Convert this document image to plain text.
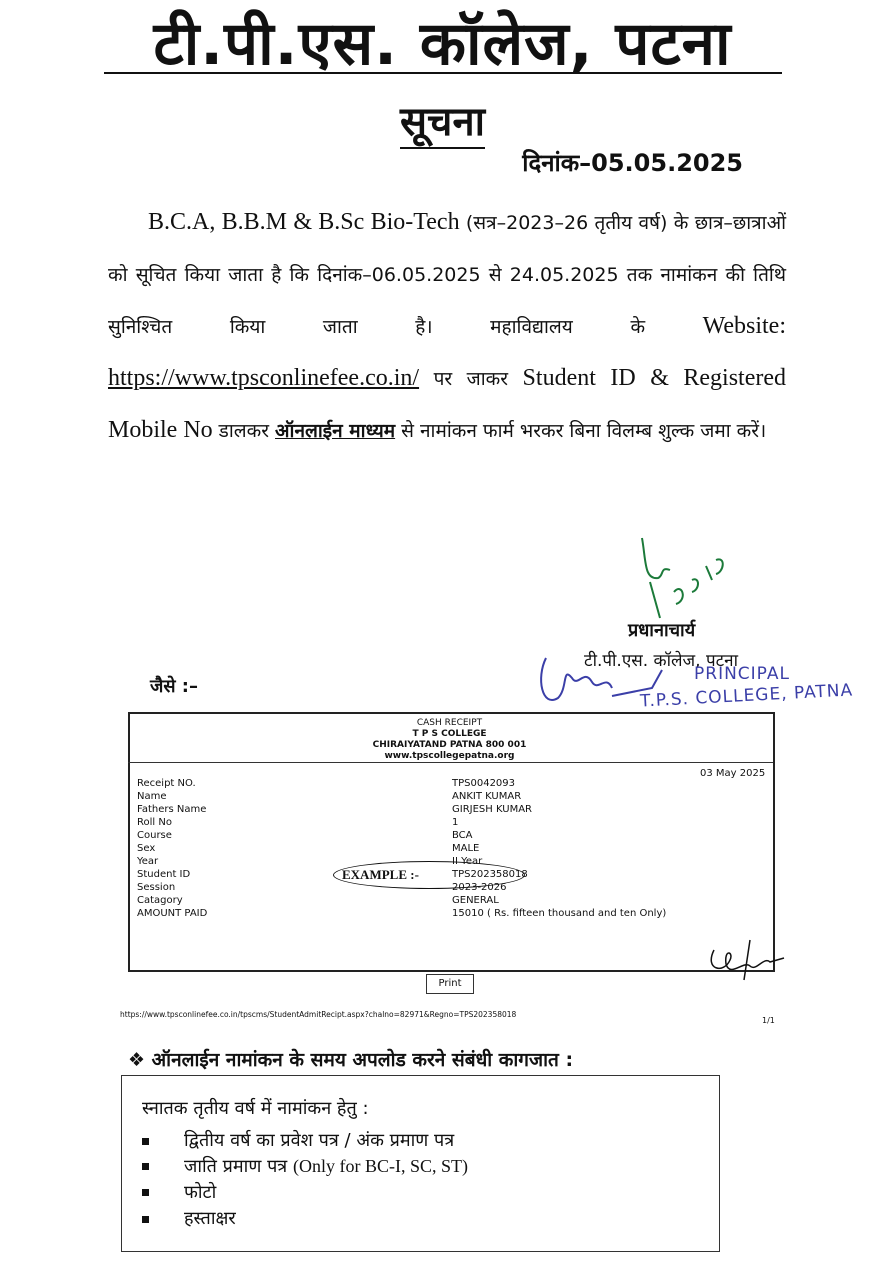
टी.पी.एस. कॉलेज, पटना
सूचना
दिनांक–05.05.2025
B.C.A, B.B.M & B.Sc Bio-Tech (सत्र–2023–26 तृतीय वर्ष) के छात्र–छात्राओं को सूचित किया जाता है कि दिनांक–06.05.2025 से 24.05.2025 तक नामांकन की तिथि सुनिश्चित किया जाता है। महाविद्यालय के Website: https://www.tpsconlinefee.co.in/ पर जाकर Student ID & Registered Mobile No डालकर ऑनलाईन माध्यम से नामांकन फार्म भरकर बिना विलम्ब शुल्क जमा करें।
प्रधानाचार्य
टी.पी.एस. कॉलेज, पटना
PRINCIPAL
T.P.S. COLLEGE, PATNA
जैसे :–
CASH RECEIPT
T P S COLLEGE
CHIRAIYATAND PATNA 800 001
www.tpscollegepatna.org
03 May 2025
Receipt NO.	TPS0042093
Name	ANKIT KUMAR
Fathers Name	GIRJESH KUMAR
Roll No	1
Course	BCA
Sex	MALE
Year	II Year
Student ID	TPS202358018
Session	2023-2026
Catagory	GENERAL
AMOUNT PAID	15010 ( Rs. fifteen thousand and ten Only)
EXAMPLE :-
Print
https://www.tpsconlinefee.co.in/tpscms/StudentAdmitRecipt.aspx?chalno=82971&Regno=TPS202358018
1/1
❖ ऑनलाईन नामांकन के समय अपलोड करने संबंधी कागजात :
स्नातक तृतीय वर्ष में नामांकन हेतु :
द्वितीय वर्ष का प्रवेश पत्र / अंक प्रमाण पत्र
जाति प्रमाण पत्र (Only for BC-I, SC, ST)
फोटो
हस्ताक्षर
